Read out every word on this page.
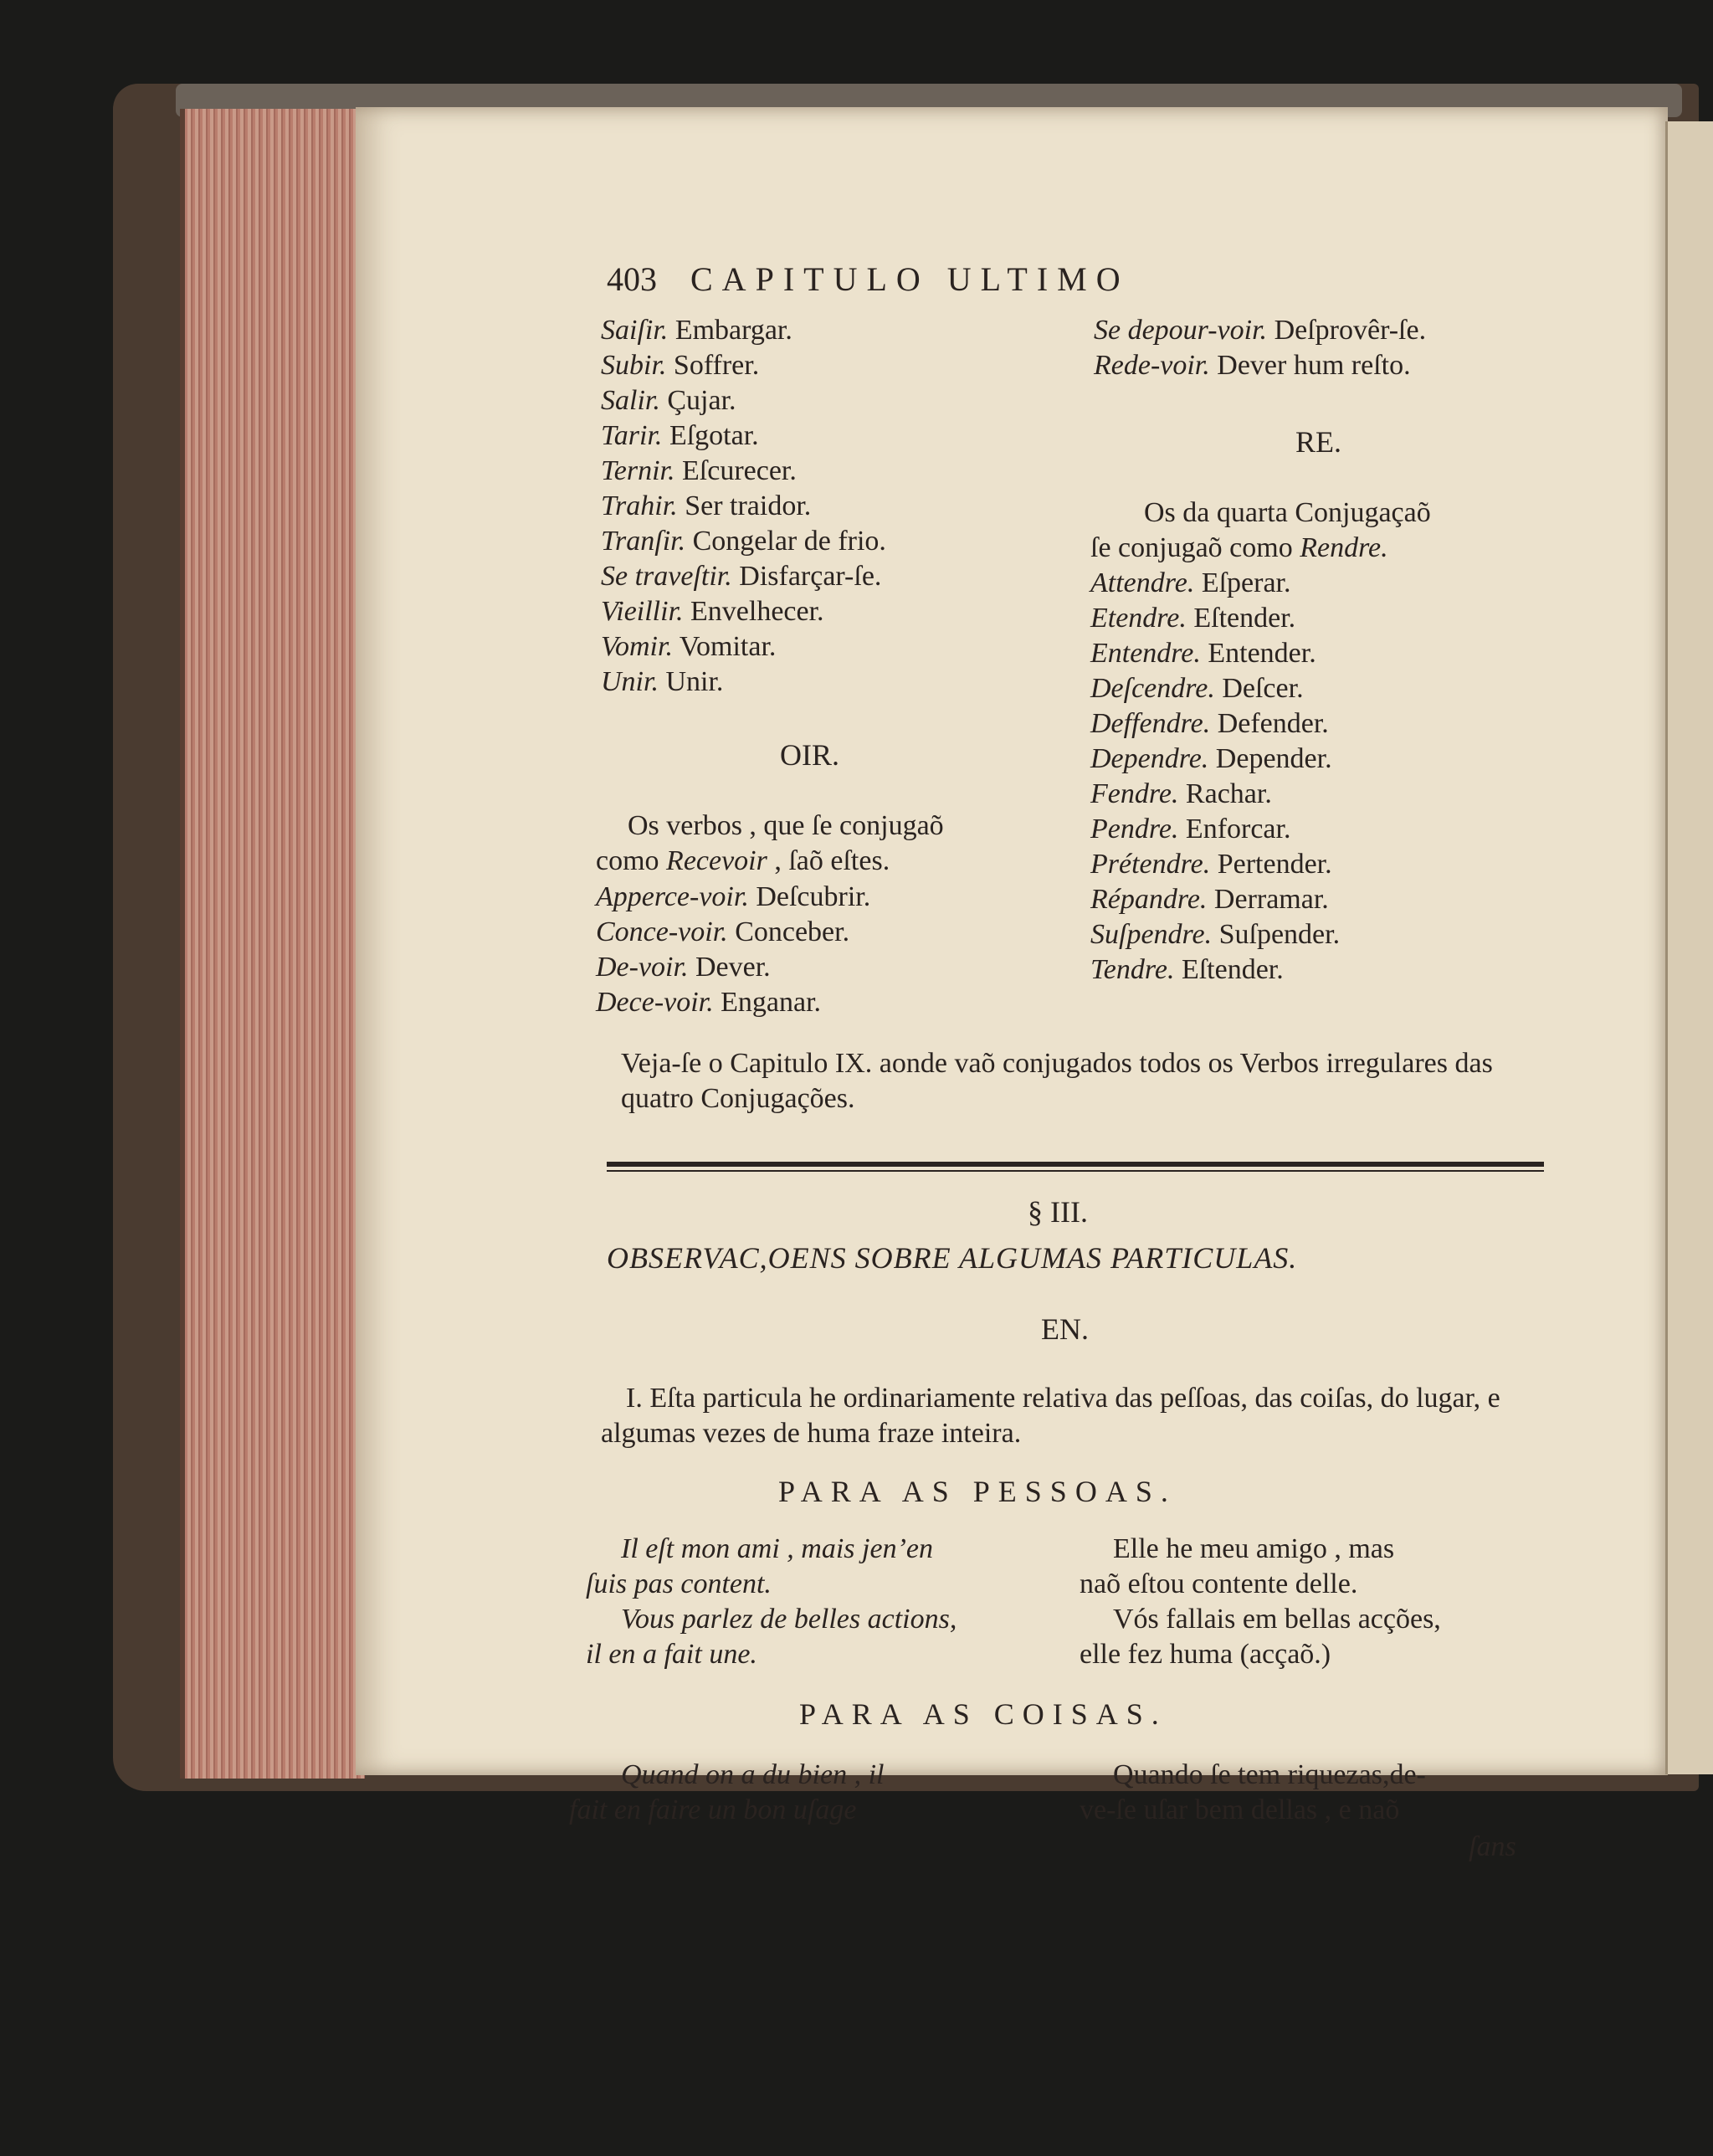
403 CAPITULO ULTIMO
Saiſir. Embargar.
Subir. Soffrer.
Salir. Çujar.
Tarir. Eſgotar.
Ternir. Eſcurecer.
Trahir. Ser traidor.
Tranſir. Congelar de frio.
Se traveſtir. Disfarçar-ſe.
Vieillir. Envelhecer.
Vomir. Vomitar.
Unir. Unir.
OIR.
Os verbos , que ſe conjugaõ
como Recevoir , ſaõ eſtes.
Apperce-voir. Deſcubrir.
Conce-voir. Conceber.
De-voir. Dever.
Dece-voir. Enganar.
Se depour-voir. Deſprovêr-ſe.
Rede-voir. Dever hum reſto.
RE.
Os da quarta Conjugaçaõ
ſe conjugaõ como Rendre.
Attendre. Eſperar.
Etendre. Eſtender.
Entendre. Entender.
Deſcendre. Deſcer.
Deffendre. Defender.
Dependre. Depender.
Fendre. Rachar.
Pendre. Enforcar.
Prétendre. Pertender.
Répandre. Derramar.
Suſpendre. Suſpender.
Tendre. Eſtender.
Veja-ſe o Capitulo IX. aonde vaõ conjugados todos os Verbos irregulares das quatro Conjugações.
§ III.
OBSERVAC,OENS SOBRE ALGUMAS PARTICULAS.
EN.
I. Eſta particula he ordinariamente relativa das peſſoas, das coiſas, do lugar, e algumas vezes de huma fraze inteira.
PARA AS PESSOAS.
Il eſt mon ami , mais jen’en
ſuis pas content.
Elle he meu amigo , mas
naõ eſtou contente delle.
Vous parlez de belles actions,
il en a fait une.
Vós fallais em bellas acções,
elle fez huma (acçaõ.)
PARA AS COISAS.
Quand on a du bien , il
fait en faire un bon uſage
Quando ſe tem riquezas,de-
ve-ſe uſar bem dellas , e naõ
ſans
